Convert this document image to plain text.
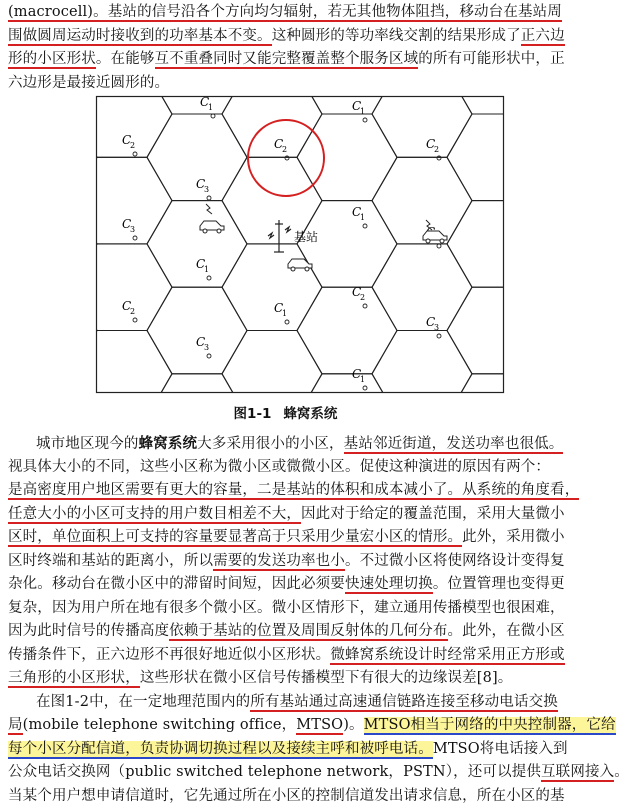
(macrocell)。基站的信号沿各个方向均匀辐射，若无其他物体阻挡，移动台在基站周
围做圆周运动时接收到的功率基本不变。这种圆形的等功率线交割的结果形成了正六边
形的小区形状。在能够互不重叠同时又能完整覆盖整个服务区域的所有可能形状中，正
六边形是最接近圆形的。
C
1	C
1
C
2	C
2	C
2
C
3
C
3
C
1
C
1
C
2
C
2	C
1
C
3
C
3
C
1
基站
图1-1 蜂窝系统
城市地区现今的蜂窝系统大多采用很小的小区，基站邻近街道，发送功率也很低。
视具体大小的不同，这些小区称为微小区或微微小区。促使这种演进的原因有两个：
是高密度用户地区需要有更大的容量，二是基站的体积和成本减小了。从系统的角度看，
任意大小的小区可支持的用户数目相差不大，因此对于给定的覆盖范围，采用大量微小
区时，单位面积上可支持的容量要显著高于只采用少量宏小区的情形。此外，采用微小
区时终端和基站的距离小，所以需要的发送功率也小。不过微小区将使网络设计变得复
杂化。移动台在微小区中的滞留时间短，因此必须要快速处理切换。位置管理也变得更
复杂，因为用户所在地有很多个微小区。微小区情形下，建立通用传播模型也很困难，
因为此时信号的传播高度依赖于基站的位置及周围反射体的几何分布。此外，在微小区
传播条件下，正六边形不再很好地近似小区形状。微蜂窝系统设计时经常采用正方形或
三角形的小区形状，这些形状在微小区信号传播模型下有很大的边缘误差[8]。
在图1-2中，在一定地理范围内的所有基站通过高速通信链路连接至移动电话交换
局(mobile telephone switching office，MTSO)。MTSO相当于网络的中央控制器，它给
每个小区分配信道，负责协调切换过程以及接续主呼和被呼电话。MTSO将电话接入到
公众电话交换网（public switched telephone network，PSTN），还可以提供互联网接入。
当某个用户想申请信道时，它先通过所在小区的控制信道发出请求信息，所在小区的基
